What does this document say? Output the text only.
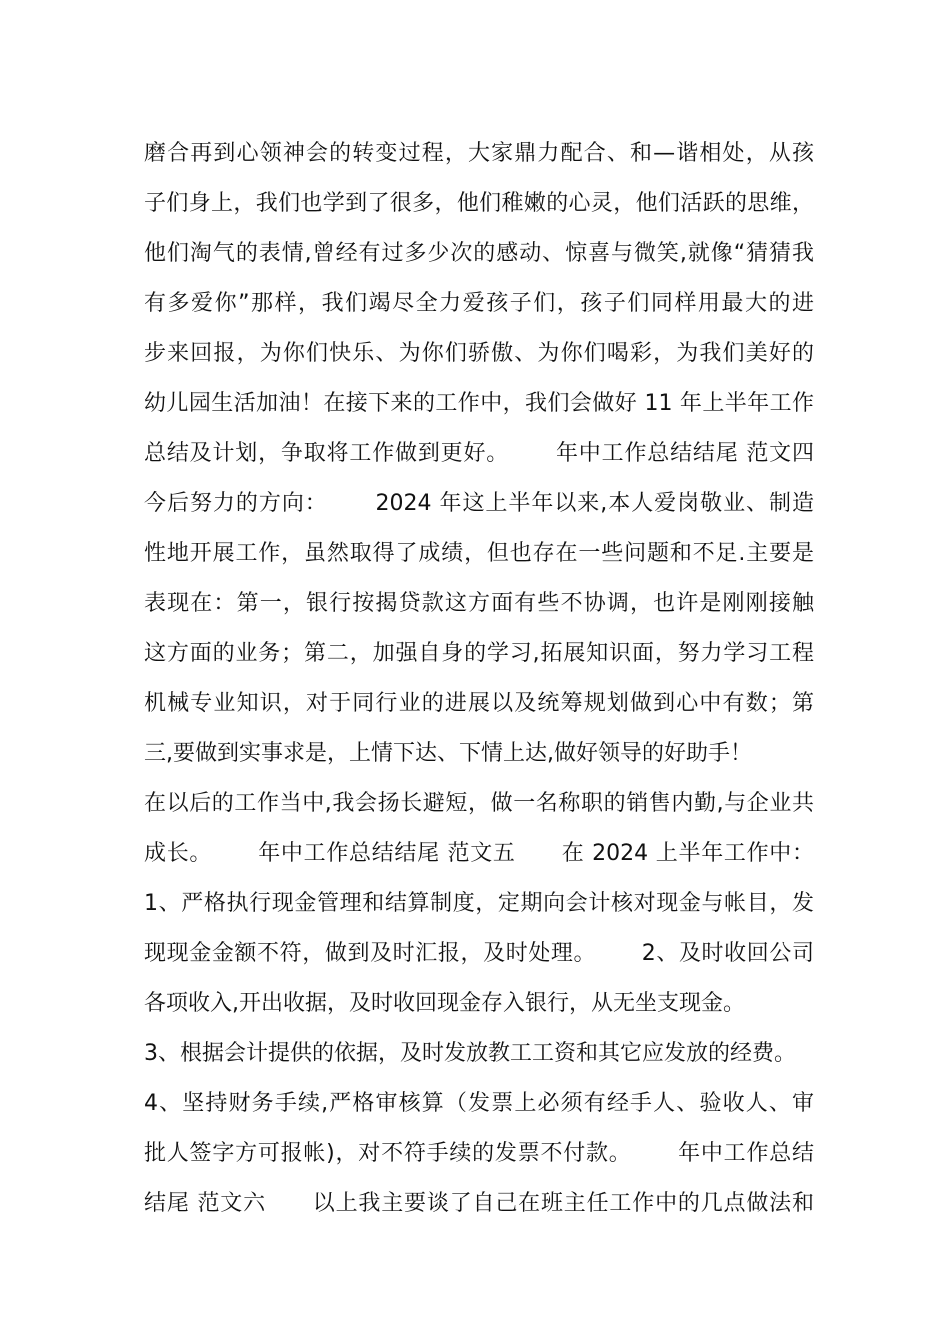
磨合再到心领神会的转变过程，大家鼎力配合、和—谐相处，从孩
子们身上，我们也学到了很多，他们稚嫩的心灵，他们活跃的思维，
他们淘气的表情,曾经有过多少次的感动、惊喜与微笑,就像“猜猜我
有多爱你”那样，我们竭尽全力爱孩子们，孩子们同样用最大的进
步来回报，为你们快乐、为你们骄傲、为你们喝彩，为我们美好的
幼儿园生活加油！在接下来的工作中，我们会做好 11 年上半年工作
总结及计划，争取将工作做到更好。      年中工作总结结尾 范文四
今后努力的方向：      2024 年这上半年以来,本人爱岗敬业、制造
性地开展工作，虽然取得了成绩，但也存在一些问题和不足.主要是
表现在：第一，银行按揭贷款这方面有些不协调，也许是刚刚接触
这方面的业务；第二，加强自身的学习,拓展知识面，努力学习工程
机械专业知识，对于同行业的进展以及统筹规划做到心中有数；第
三,要做到实事求是，上情下达、下情上达,做好领导的好助手！
在以后的工作当中,我会扬长避短，做一名称职的销售内勤,与企业共
成长。      年中工作总结结尾 范文五      在 2024 上半年工作中：
1、严格执行现金管理和结算制度，定期向会计核对现金与帐目，发
现现金金额不符，做到及时汇报，及时处理。      2、及时收回公司
各项收入,开出收据，及时收回现金存入银行，从无坐支现金。
3、根据会计提供的依据，及时发放教工工资和其它应发放的经费。
4、坚持财务手续,严格审核算（发票上必须有经手人、验收人、审
批人签字方可报帐)，对不符手续的发票不付款。      年中工作总结
结尾 范文六      以上我主要谈了自己在班主任工作中的几点做法和
